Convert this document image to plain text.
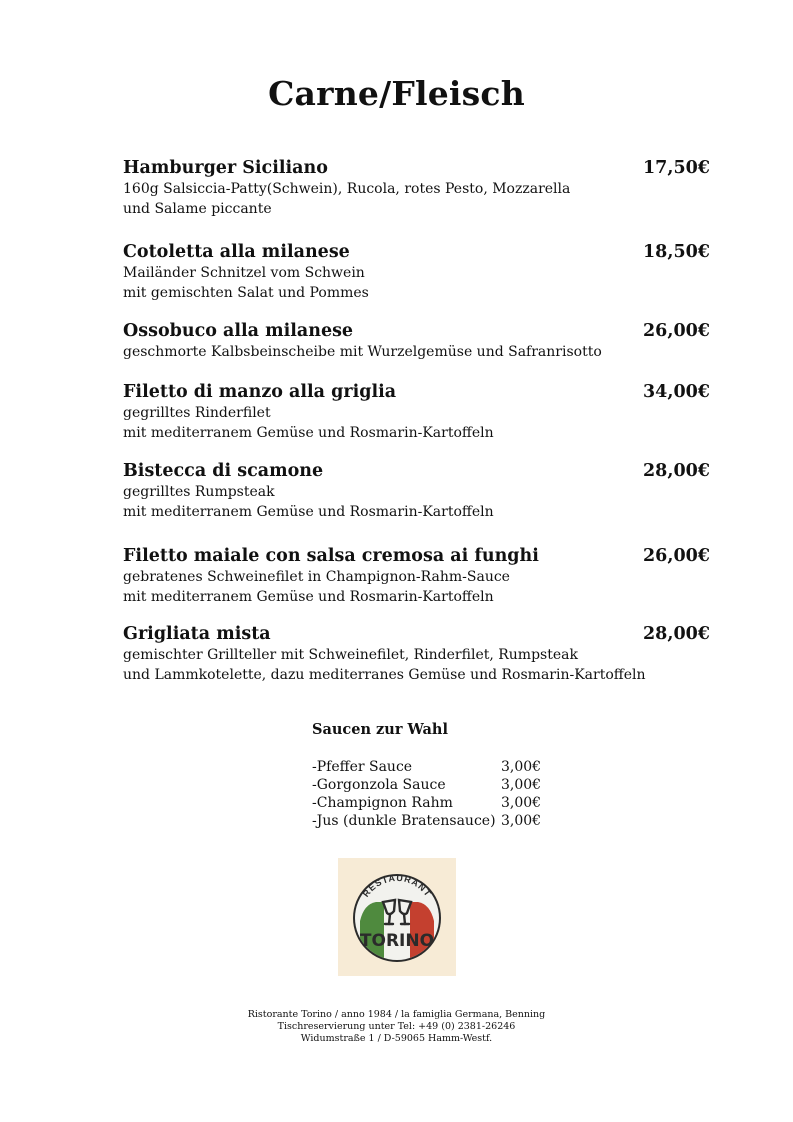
Carne/Fleisch
Hamburger Siciliano	17,50€
160g Salsiccia-Patty(Schwein), Rucola, rotes Pesto, Mozzarella
und Salame piccante
Cotoletta alla milanese	18,50€
Mailänder Schnitzel vom Schwein
mit gemischten Salat und Pommes
Ossobuco alla milanese	26,00€
geschmorte Kalbsbeinscheibe mit Wurzelgemüse und Safranrisotto
Filetto di manzo alla griglia	34,00€
gegrilltes Rinderfilet
mit mediterranem Gemüse und Rosmarin-Kartoffeln
Bistecca di scamone	28,00€
gegrilltes Rumpsteak
mit mediterranem Gemüse und Rosmarin-Kartoffeln
Filetto maiale con salsa cremosa ai funghi	26,00€
gebratenes Schweinefilet in Champignon-Rahm-Sauce
mit mediterranem Gemüse und Rosmarin-Kartoffeln
Grigliata mista	28,00€
gemischter Grillteller mit Schweinefilet, Rinderfilet, Rumpsteak
und Lammkotelette, dazu mediterranes Gemüse und Rosmarin-Kartoffeln
Saucen zur Wahl
-Pfeffer Sauce	3,00€
-Gorgonzola Sauce	3,00€
-Champignon Rahm	3,00€
-Jus (dunkle Bratensauce) 3,00€
RESTAURANT
TORINO
Ristorante Torino / anno 1984 / la famiglia Germana, Benning
Tischreservierung unter Tel: +49 (0) 2381-26246
Widumstraße 1 / D-59065 Hamm-Westf.
